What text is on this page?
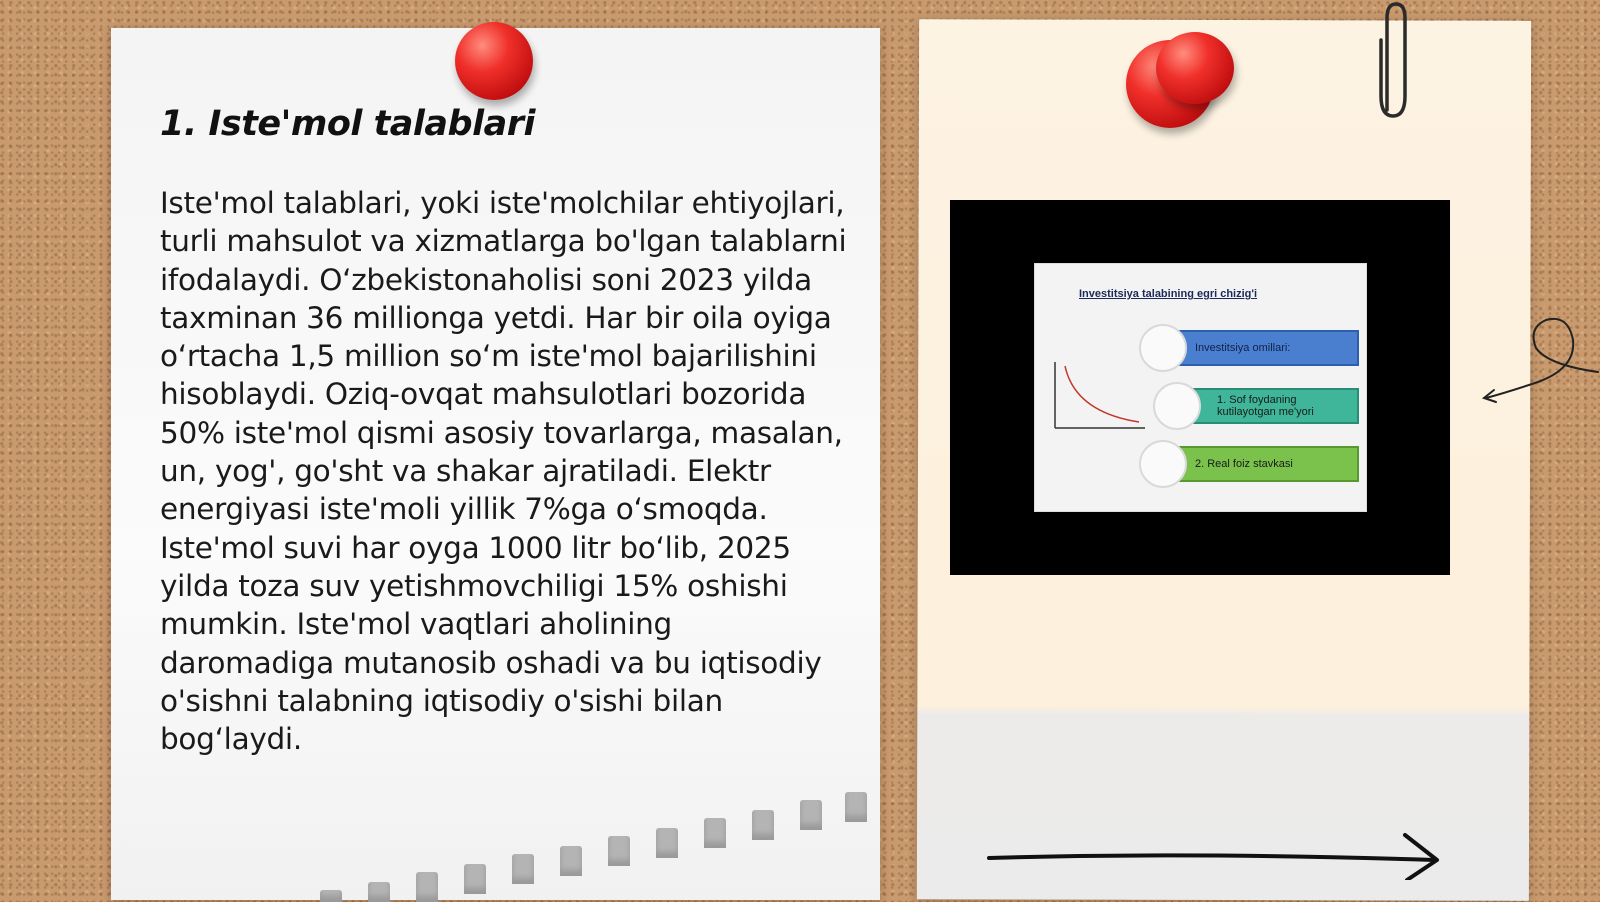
1. Iste'mol talablari

Iste'mol talablari, yoki iste'molchilar ehtiyojlari, turli mahsulot va xizmatlarga bo'lgan talablarni ifodalaydi. Oʻzbekistonaholisi soni 2023 yilda taxminan 36 millionga yetdi. Har bir oila oyiga oʻrtacha 1,5 million soʻm iste'mol bajarilishini hisoblaydi. Oziq-ovqat mahsulotlari bozorida 50% iste'mol qismi asosiy tovarlarga, masalan, un, yog', go'sht va shakar ajratiladi. Elektr energiyasi iste'moli yillik 7%ga oʻsmoqda. Iste'mol suvi har oyga 1000 litr boʻlib, 2025 yilda toza suv yetishmovchiligi 15% oshishi mumkin. Iste'mol vaqtlari aholining daromadiga mutanosib oshadi va bu iqtisodiy o'sishni talabning iqtisodiy o'sishi bilan bogʻlaydi.

Investitsiya talabining egri chizig'i
Investitsiya omillari:
1. Sof foydaning kutilayotgan me'yori
2. Real foiz stavkasi
